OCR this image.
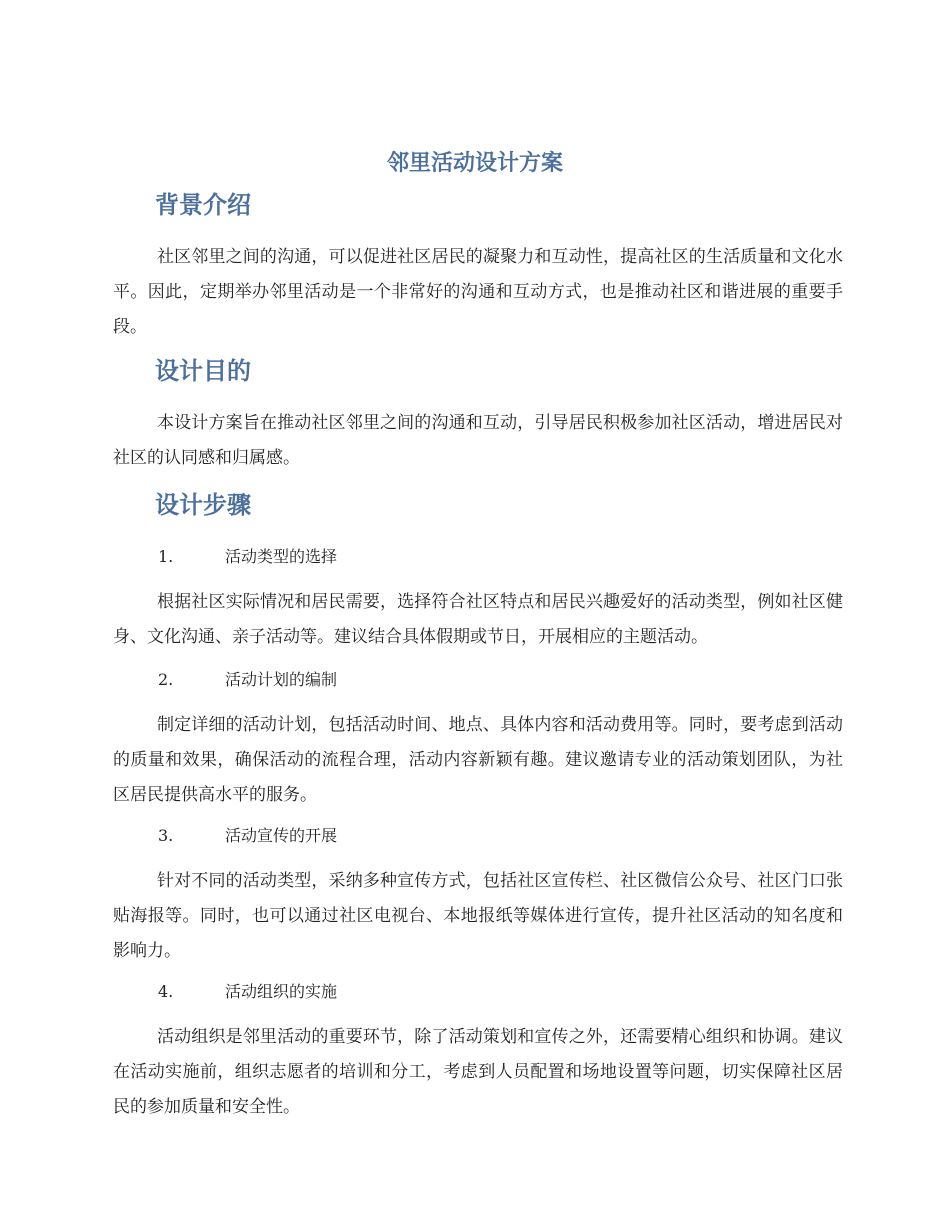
邻里活动设计方案
背景介绍

社区邻里之间的沟通，可以促进社区居民的凝聚力和互动性，提高社区的生活质量和文化水平。因此，定期举办邻里活动是一个非常好的沟通和互动方式，也是推动社区和谐进展的重要手段。

设计目的

本设计方案旨在推动社区邻里之间的沟通和互动，引导居民积极参加社区活动，增进居民对社区的认同感和归属感。

设计步骤
1.	活动类型的选择

根据社区实际情况和居民需要，选择符合社区特点和居民兴趣爱好的活动类型，例如社区健身、文化沟通、亲子活动等。建议结合具体假期或节日，开展相应的主题活动。

2.	活动计划的编制

制定详细的活动计划，包括活动时间、地点、具体内容和活动费用等。同时，要考虑到活动的质量和效果，确保活动的流程合理，活动内容新颖有趣。建议邀请专业的活动策划团队，为社区居民提供高水平的服务。

3.	活动宣传的开展

针对不同的活动类型，采纳多种宣传方式，包括社区宣传栏、社区微信公众号、社区门口张贴海报等。同时，也可以通过社区电视台、本地报纸等媒体进行宣传，提升社区活动的知名度和影响力。

4.	活动组织的实施

活动组织是邻里活动的重要环节，除了活动策划和宣传之外，还需要精心组织和协调。建议在活动实施前，组织志愿者的培训和分工，考虑到人员配置和场地设置等问题，切实保障社区居民的参加质量和安全性。
